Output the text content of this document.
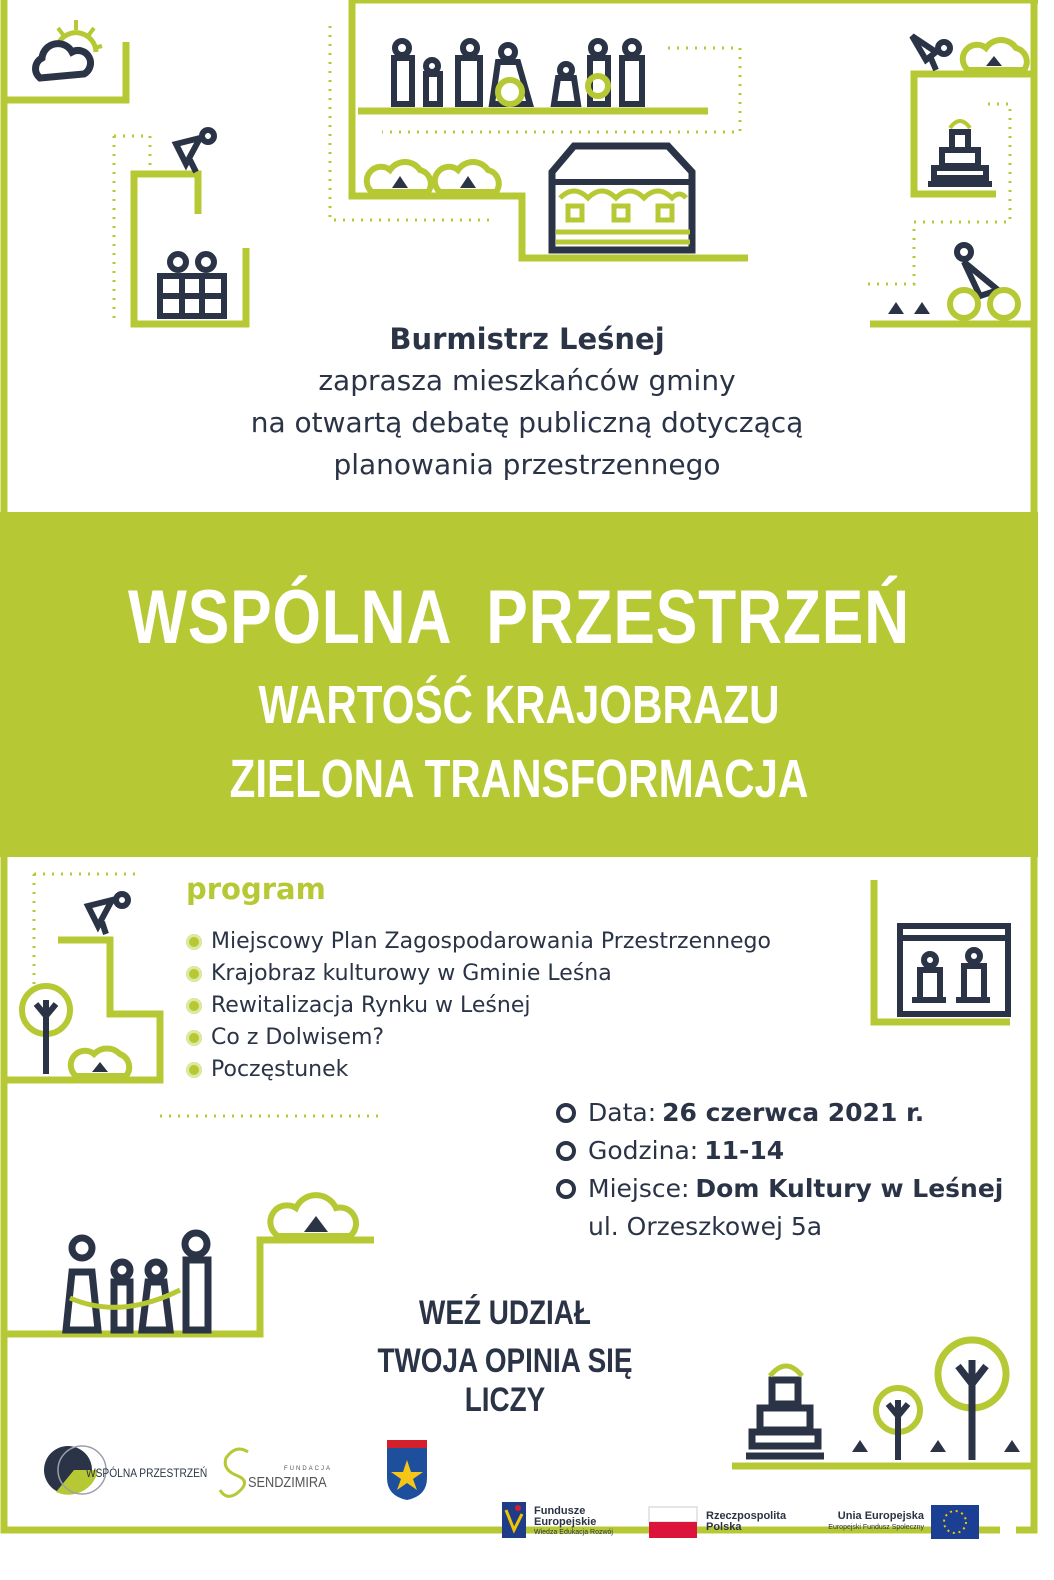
Burmistrz Leśnej
zaprasza mieszkańców gminy
na otwartą debatę publiczną dotyczącą
planowania przestrzennego
WSPÓLNA  PRZESTRZEŃ
WARTOŚĆ KRAJOBRAZU
ZIELONA TRANSFORMACJA
program
Miejscowy Plan Zagospodarowania Przestrzennego
Krajobraz kulturowy w Gminie Leśna
Rewitalizacja Rynku w Leśnej
Co z Dolwisem?
Poczęstunek
Data: 26 czerwca 2021 r.
Godzina: 11-14
Miejsce: Dom Kultury w Leśnej
ul. Orzeszkowej 5a
WEŹ UDZIAŁ
TWOJA OPINIA SIĘ LICZY
WSPÓLNA PRZESTRZEŃ	FUNDACJA
SENDZIMIRA
Fundusze
Europejskie
Wiedza Edukacja Rozwój
Rzeczpospolita
Polska
Unia Europejska
Europejski Fundusz Społeczny
